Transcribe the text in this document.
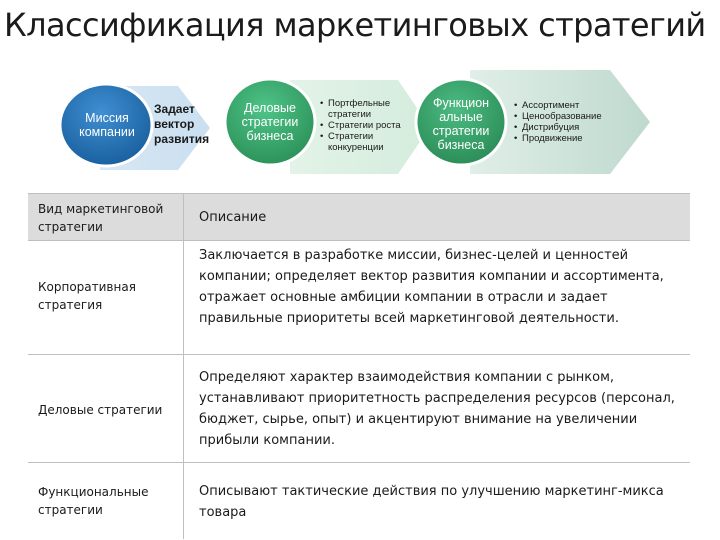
Классификация маркетинговых стратегий
Миссия
компании
Задает
вектор
развития
Деловые
стратегии
бизнеса
• Портфельные стратегии
• Стратегии роста
• Стратегии конкуренции
Функцион
альные
стратегии
бизнеса
• Ассортимент
• Ценообразование
• Дистрибуция
• Продвижение
Вид маркетинговой
стратегии
Описание
Корпоративная
стратегия
Заключается в разработке миссии, бизнес-целей и ценностей компании; определяет вектор развития компании и ассортимента, отражает основные амбиции компании в отрасли и задает правильные приоритеты всей маркетинговой деятельности.
Деловые стратегии
Определяют характер взаимодействия компании с рынком, устанавливают приоритетность распределения ресурсов (персонал, бюджет, сырье, опыт) и акцентируют внимание на увеличении прибыли компании.
Функциональные
стратегии
Описывают тактические действия по улучшению маркетинг-микса товара
